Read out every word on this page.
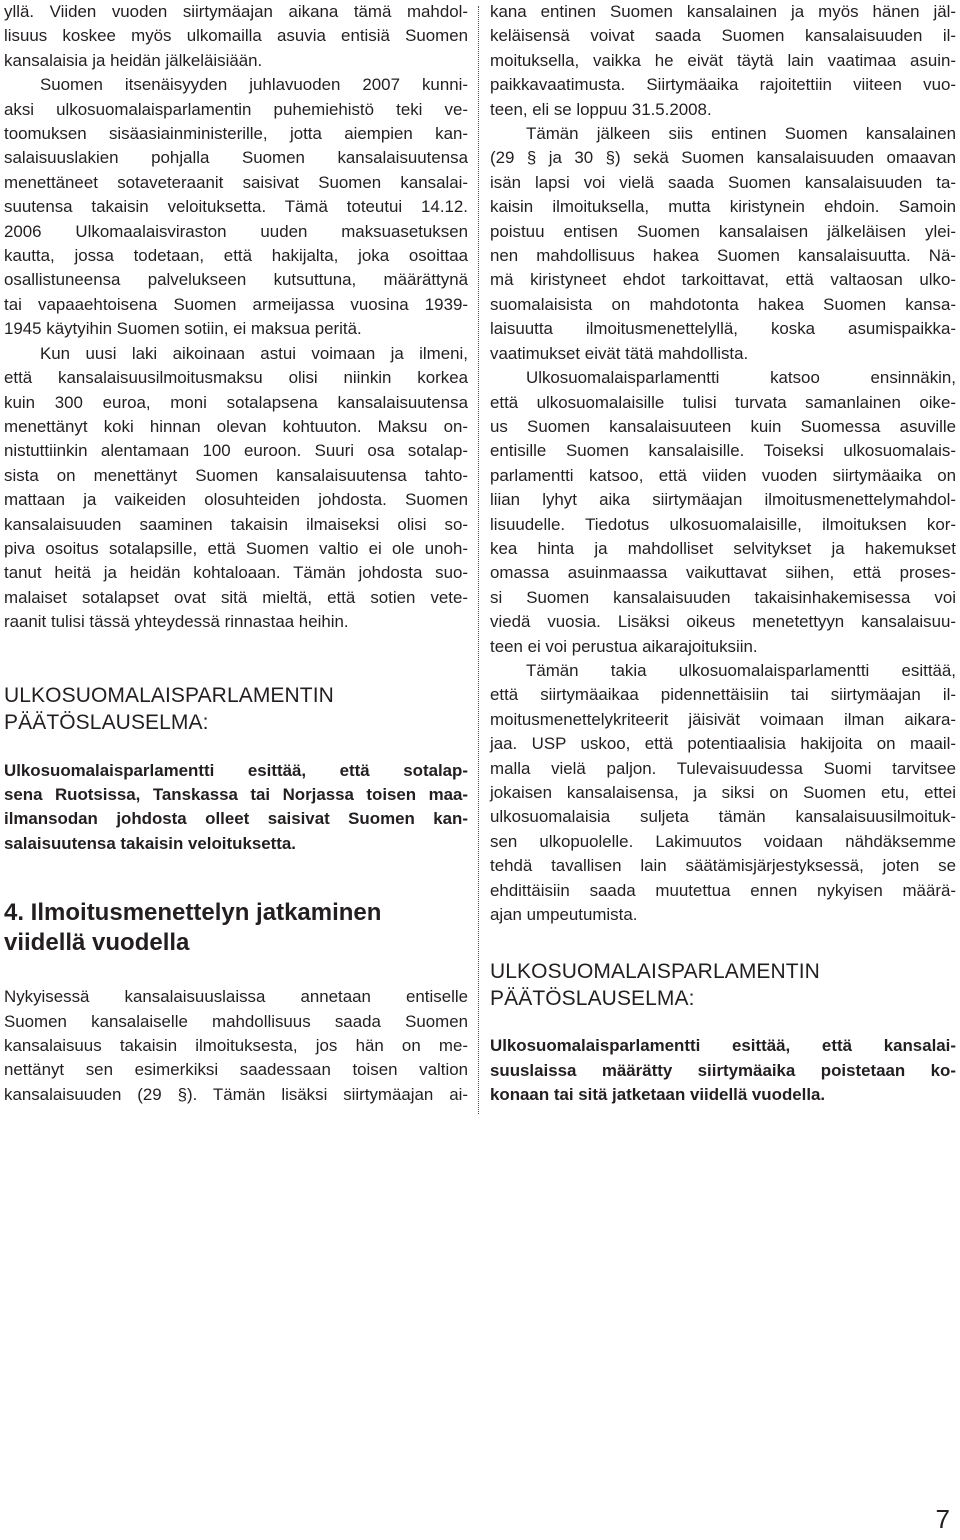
yllä. Viiden vuoden siirtymäajan aikana tämä mahdol-
lisuus koskee myös ulkomailla asuvia entisiä Suomen
kansalaisia ja heidän jälkeläisiään.
Suomen itsenäisyyden juhlavuoden 2007 kunni-
aksi ulkosuomalaisparlamentin puhemiehistö teki ve-
toomuksen sisäasiainministerille, jotta aiempien kan-
salaisuuslakien pohjalla Suomen kansalaisuutensa
menettäneet sotaveteraanit saisivat Suomen kansalai-
suutensa takaisin veloituksetta. Tämä toteutui 14.12.
2006 Ulkomaalaisviraston uuden maksuasetuksen
kautta, jossa todetaan, että hakijalta, joka osoittaa
osallistuneensa palvelukseen kutsuttuna, määrättynä
tai vapaaehtoisena Suomen armeijassa vuosina 1939-
1945 käytyihin Suomen sotiin, ei maksua peritä.
Kun uusi laki aikoinaan astui voimaan ja ilmeni,
että kansalaisuusilmoitusmaksu olisi niinkin korkea
kuin 300 euroa, moni sotalapsena kansalaisuutensa
menettänyt koki hinnan olevan kohtuuton. Maksu on-
nistuttiinkin alentamaan 100 euroon. Suuri osa sotalap-
sista on menettänyt Suomen kansalaisuutensa tahto-
mattaan ja vaikeiden olosuhteiden johdosta. Suomen
kansalaisuuden saaminen takaisin ilmaiseksi olisi so-
piva osoitus sotalapsille, että Suomen valtio ei ole unoh-
tanut heitä ja heidän kohtaloaan. Tämän johdosta suo-
malaiset sotalapset ovat sitä mieltä, että sotien vete-
raanit tulisi tässä yhteydessä rinnastaa heihin.
ULKOSUOMALAISPARLAMENTIN
PÄÄTÖSLAUSELMA:
Ulkosuomalaisparlamentti esittää, että sotalap-
sena Ruotsissa, Tanskassa tai Norjassa toisen maa-
ilmansodan johdosta olleet saisivat Suomen kan-
salaisuutensa takaisin veloituksetta.
4. Ilmoitusmenettelyn jatkaminen
viidellä vuodella
Nykyisessä kansalaisuuslaissa annetaan entiselle
Suomen kansalaiselle mahdollisuus saada Suomen
kansalaisuus takaisin ilmoituksesta, jos hän on me-
nettänyt sen esimerkiksi saadessaan toisen valtion
kansalaisuuden (29 §). Tämän lisäksi siirtymäajan ai-
kana entinen Suomen kansalainen ja myös hänen jäl-
keläisensä voivat saada Suomen kansalaisuuden il-
moituksella, vaikka he eivät täytä lain vaatimaa asuin-
paikkavaatimusta. Siirtymäaika rajoitettiin viiteen vuo-
teen, eli se loppuu 31.5.2008.
Tämän jälkeen siis entinen Suomen kansalainen
(29 § ja 30 §) sekä Suomen kansalaisuuden omaavan
isän lapsi voi vielä saada Suomen kansalaisuuden ta-
kaisin ilmoituksella, mutta kiristynein ehdoin. Samoin
poistuu entisen Suomen kansalaisen jälkeläisen ylei-
nen mahdollisuus hakea Suomen kansalaisuutta. Nä-
mä kiristyneet ehdot tarkoittavat, että valtaosan ulko-
suomalaisista on mahdotonta hakea Suomen kansa-
laisuutta ilmoitusmenettelyllä, koska asumispaikka-
vaatimukset eivät tätä mahdollista.
Ulkosuomalaisparlamentti katsoo ensinnäkin,
että ulkosuomalaisille tulisi turvata samanlainen oike-
us Suomen kansalaisuuteen kuin Suomessa asuville
entisille Suomen kansalaisille. Toiseksi ulkosuomalais-
parlamentti katsoo, että viiden vuoden siirtymäaika on
liian lyhyt aika siirtymäajan ilmoitusmenettelymahdol-
lisuudelle. Tiedotus ulkosuomalaisille, ilmoituksen kor-
kea hinta ja mahdolliset selvitykset ja hakemukset
omassa asuinmaassa vaikuttavat siihen, että proses-
si Suomen kansalaisuuden takaisinhakemisessa voi
viedä vuosia. Lisäksi oikeus menetettyyn kansalaisuu-
teen ei voi perustua aikarajoituksiin.
Tämän takia ulkosuomalaisparlamentti esittää,
että siirtymäaikaa pidennettäisiin tai siirtymäajan il-
moitusmenettelykriteerit jäisivät voimaan ilman aikara-
jaa. USP uskoo, että potentiaalisia hakijoita on maail-
malla vielä paljon. Tulevaisuudessa Suomi tarvitsee
jokaisen kansalaisensa, ja siksi on Suomen etu, ettei
ulkosuomalaisia suljeta tämän kansalaisuusilmoituk-
sen ulkopuolelle. Lakimuutos voidaan nähdäksemme
tehdä tavallisen lain säätämisjärjestyksessä, joten se
ehdittäisiin saada muutettua ennen nykyisen määrä-
ajan umpeutumista.
ULKOSUOMALAISPARLAMENTIN
PÄÄTÖSLAUSELMA:
Ulkosuomalaisparlamentti esittää, että kansalai-
suuslaissa määrätty siirtymäaika poistetaan ko-
konaan tai sitä jatketaan viidellä vuodella.
7
